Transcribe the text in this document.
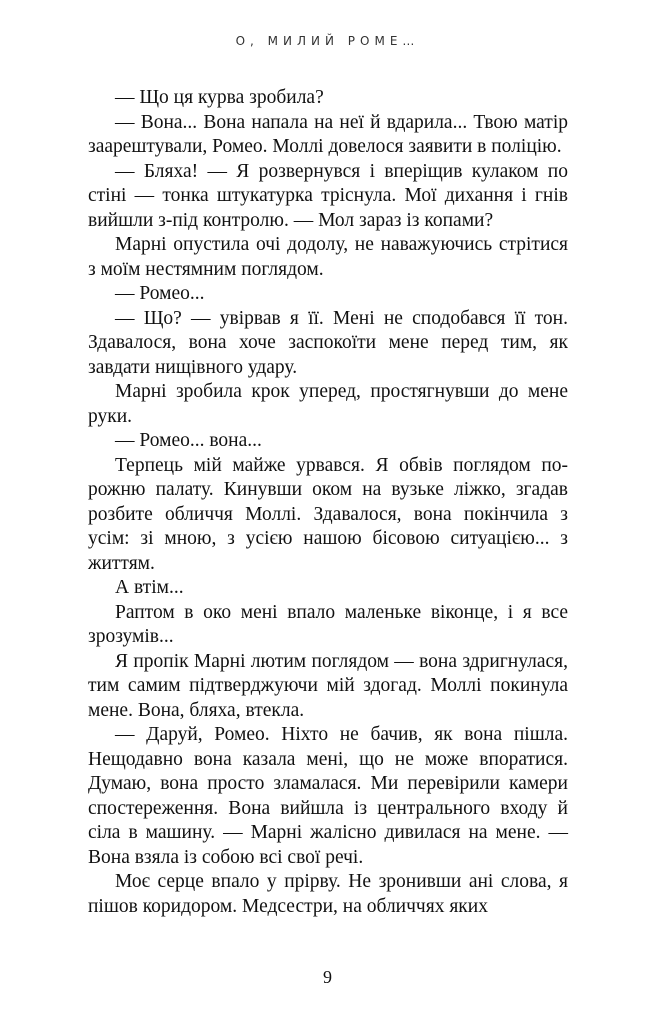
О, МИЛИЙ РОМЕ…

— Що ця курва зробила?

— Вона... Вона напала на неї й вдарила... Твою матір заарештували, Ромео. Моллі довелося заявити в поліцію.

— Бляха! — Я розвернувся і вперіщив кулаком по стіні — тонка штукатурка тріснула. Мої дихання і гнів вийшли з-під контролю. — Мол зараз із копами?

Марні опустила очі додолу, не наважуючись стрітися з моїм нестямним поглядом.

— Ромео...

— Що? — увірвав я її. Мені не сподобався її тон. Здавалося, вона хоче заспокоїти мене перед тим, як завдати нищівного удару.

Марні зробила крок уперед, простягнувши до мене руки.

— Ромео... вона...

Терпець мій майже урвався. Я обвів поглядом порожню палату. Кинувши оком на вузьке ліжко, згадав розбите обличчя Моллі. Здавалося, вона покінчила з усім: зі мною, з усією нашою бісовою ситуацією... з життям.

А втім...

Раптом в око мені впало маленьке віконце, і я все зрозумів...

Я пропік Марні лютим поглядом — вона здригнулася, тим самим підтверджуючи мій здогад. Моллі покинула мене. Вона, бляха, втекла.

— Даруй, Ромео. Ніхто не бачив, як вона пішла. Нещодавно вона казала мені, що не може впоратися. Думаю, вона просто зламалася. Ми перевірили камери спостереження. Вона вийшла із центрального входу й сіла в машину. — Марні жалісно дивилася на мене. — Вона взяла із собою всі свої речі.

Моє серце впало у прірву. Не зронивши ані слова, я пішов коридором. Медсестри, на обличчях яких

9
